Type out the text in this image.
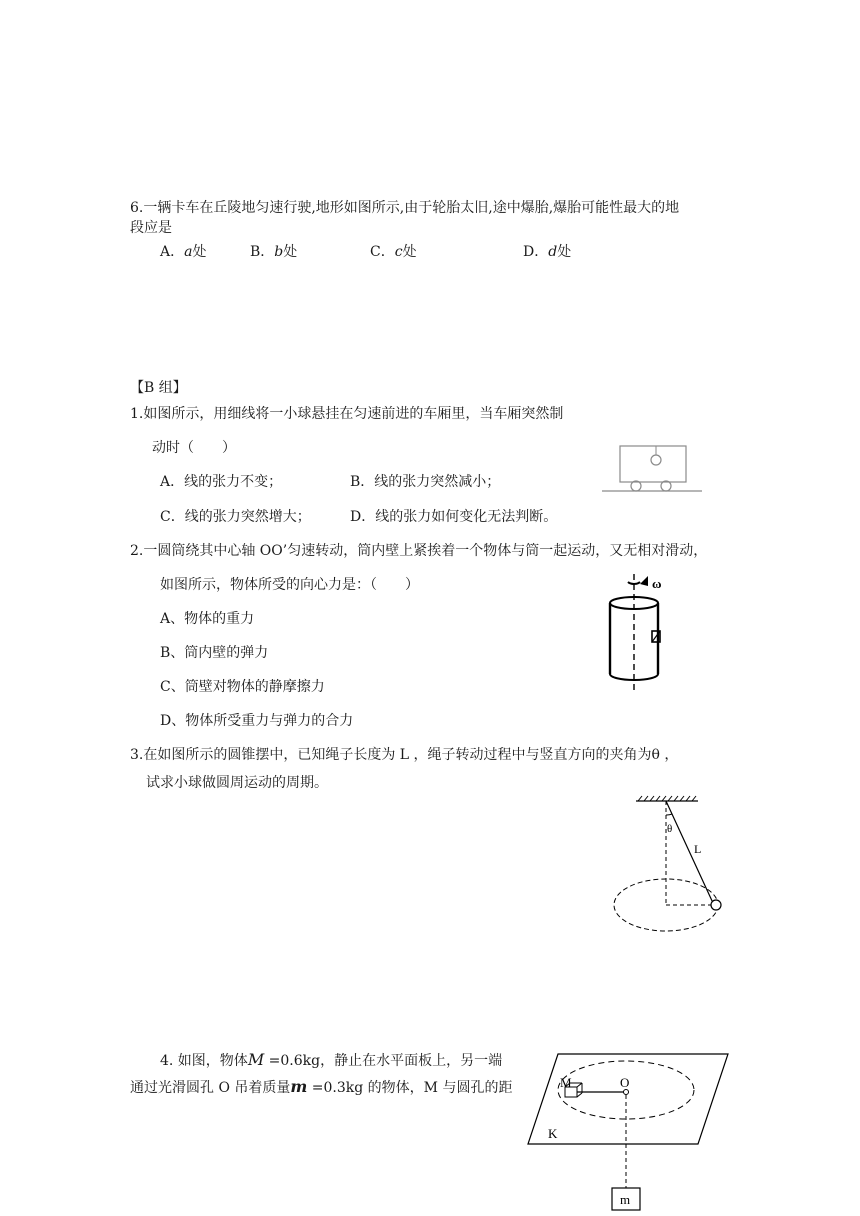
6.一辆卡车在丘陵地匀速行驶,地形如图所示,由于轮胎太旧,途中爆胎,爆胎可能性最大的地
段应是
A．a处	B．b处	C．c处	D．d处
【B 组】
1.如图所示，用细线将一小球悬挂在匀速前进的车厢里，当车厢突然制
动时（　　）
A．线的张力不变；	B．线的张力突然减小；
C．线的张力突然增大；	D．线的张力如何变化无法判断。
2.一圆筒绕其中心轴 OO’匀速转动，筒内壁上紧挨着一个物体与筒一起运动，又无相对滑动，
如图所示，物体所受的向心力是：（　　）
A、物体的重力
B、筒内壁的弹力
C、筒壁对物体的静摩擦力
D、物体所受重力与弹力的合力
ω
3.在如图所示的圆锥摆中，已知绳子长度为 L ，绳子转动过程中与竖直方向的夹角为θ ，
试求小球做圆周运动的周期。
θ
L
4. 如图，物体M =0.6kg，静止在水平面板上，另一端
通过光滑圆孔 O 吊着质量m =0.3kg 的物体，M 与圆孔的距	M	O
K
m
